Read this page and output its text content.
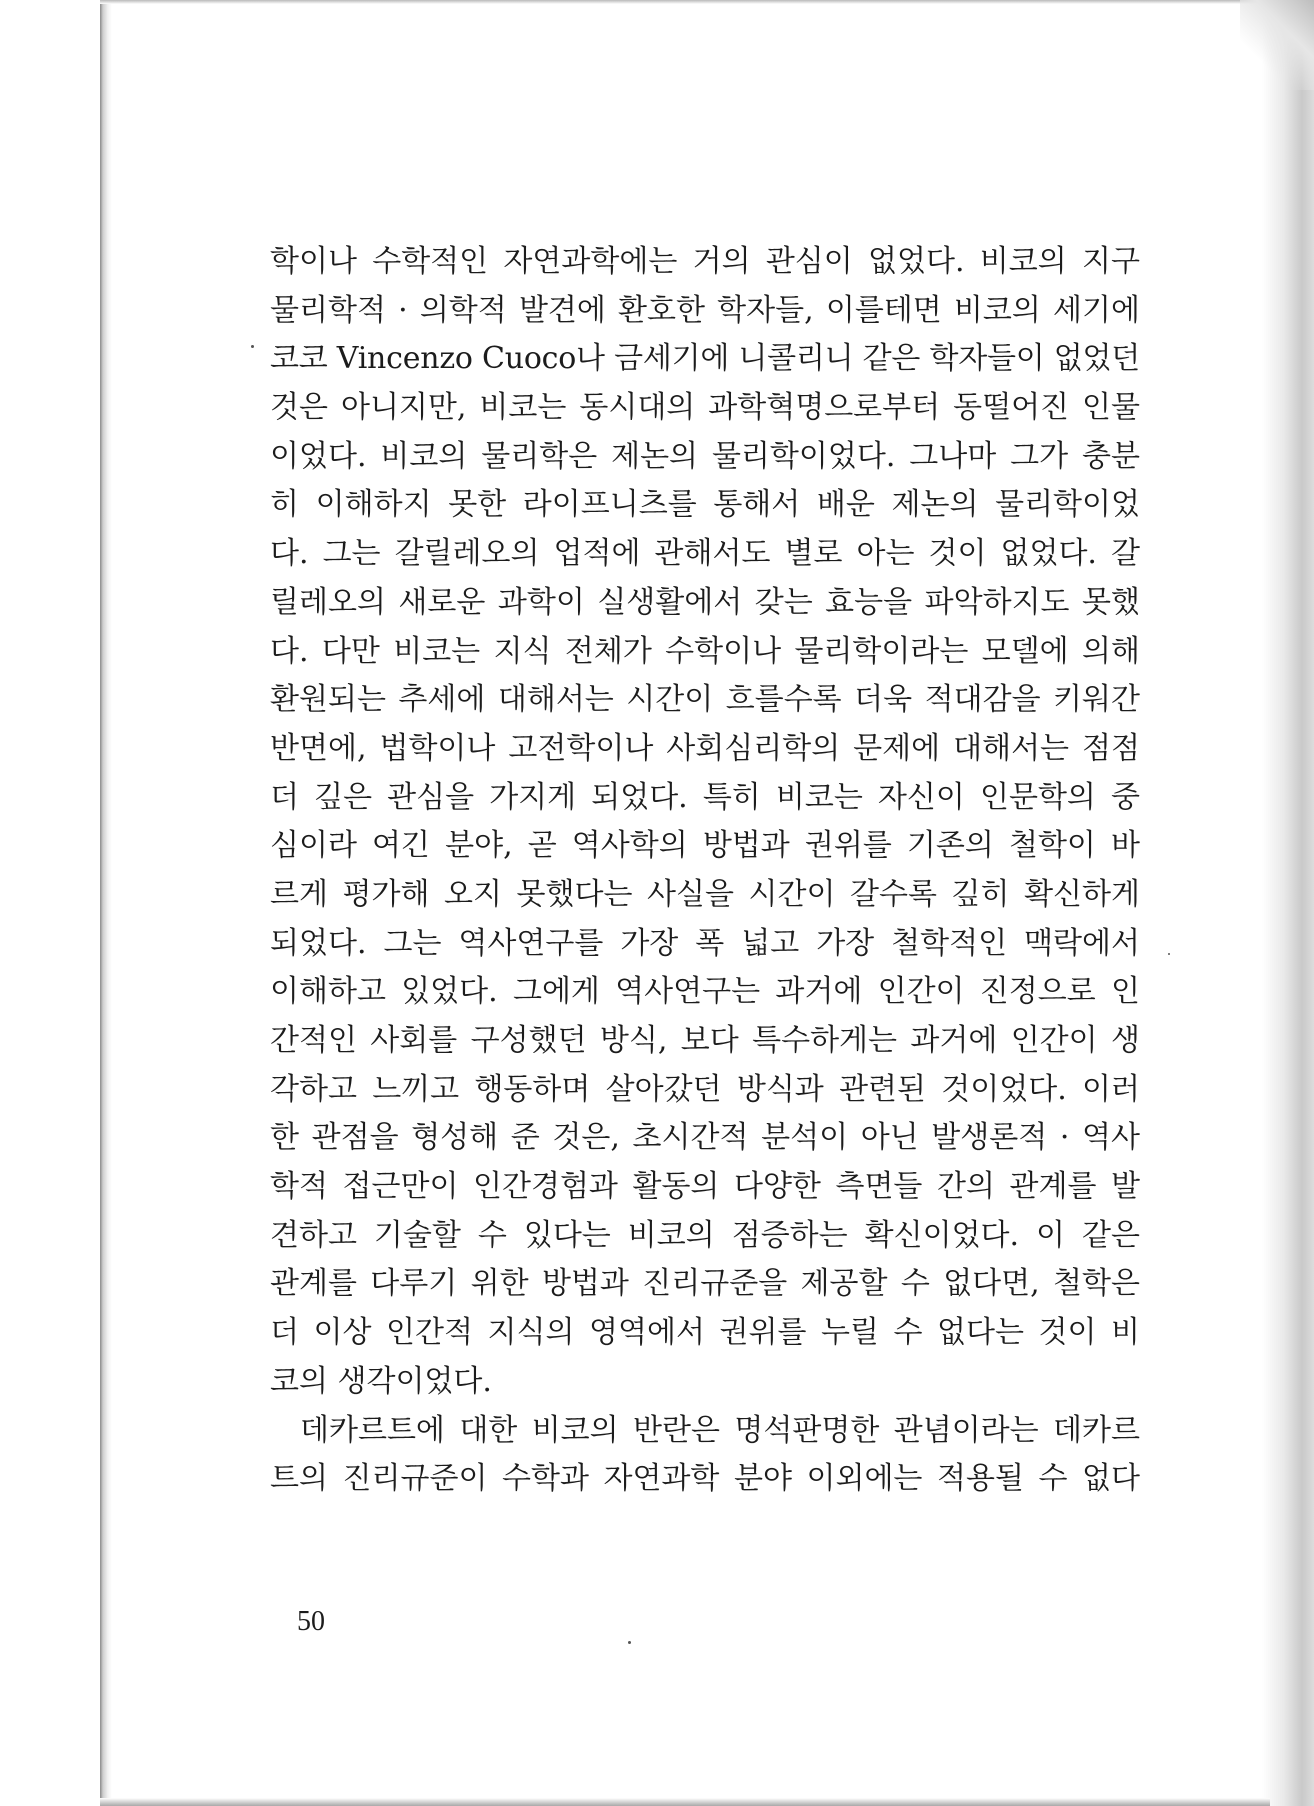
학이나 수학적인 자연과학에는 거의 관심이 없었다. 비코의 지구
물리학적 · 의학적 발견에 환호한 학자들, 이를테면 비코의 세기에
코코 Vincenzo Cuoco나 금세기에 니콜리니 같은 학자들이 없었던
것은 아니지만, 비코는 동시대의 과학혁명으로부터 동떨어진 인물
이었다. 비코의 물리학은 제논의 물리학이었다. 그나마 그가 충분
히 이해하지 못한 라이프니츠를 통해서 배운 제논의 물리학이었
다. 그는 갈릴레오의 업적에 관해서도 별로 아는 것이 없었다. 갈
릴레오의 새로운 과학이 실생활에서 갖는 효능을 파악하지도 못했
다. 다만 비코는 지식 전체가 수학이나 물리학이라는 모델에 의해
환원되는 추세에 대해서는 시간이 흐를수록 더욱 적대감을 키워간
반면에, 법학이나 고전학이나 사회심리학의 문제에 대해서는 점점
더 깊은 관심을 가지게 되었다. 특히 비코는 자신이 인문학의 중
심이라 여긴 분야, 곧 역사학의 방법과 권위를 기존의 철학이 바
르게 평가해 오지 못했다는 사실을 시간이 갈수록 깊히 확신하게
되었다. 그는 역사연구를 가장 폭 넓고 가장 철학적인 맥락에서
이해하고 있었다. 그에게 역사연구는 과거에 인간이 진정으로 인
간적인 사회를 구성했던 방식, 보다 특수하게는 과거에 인간이 생
각하고 느끼고 행동하며 살아갔던 방식과 관련된 것이었다. 이러
한 관점을 형성해 준 것은, 초시간적 분석이 아닌 발생론적 · 역사
학적 접근만이 인간경험과 활동의 다양한 측면들 간의 관계를 발
견하고 기술할 수 있다는 비코의 점증하는 확신이었다. 이 같은
관계를 다루기 위한 방법과 진리규준을 제공할 수 없다면, 철학은
더 이상 인간적 지식의 영역에서 권위를 누릴 수 없다는 것이 비
코의 생각이었다.
데카르트에 대한 비코의 반란은 명석판명한 관념이라는 데카르
트의 진리규준이 수학과 자연과학 분야 이외에는 적용될 수 없다
50
